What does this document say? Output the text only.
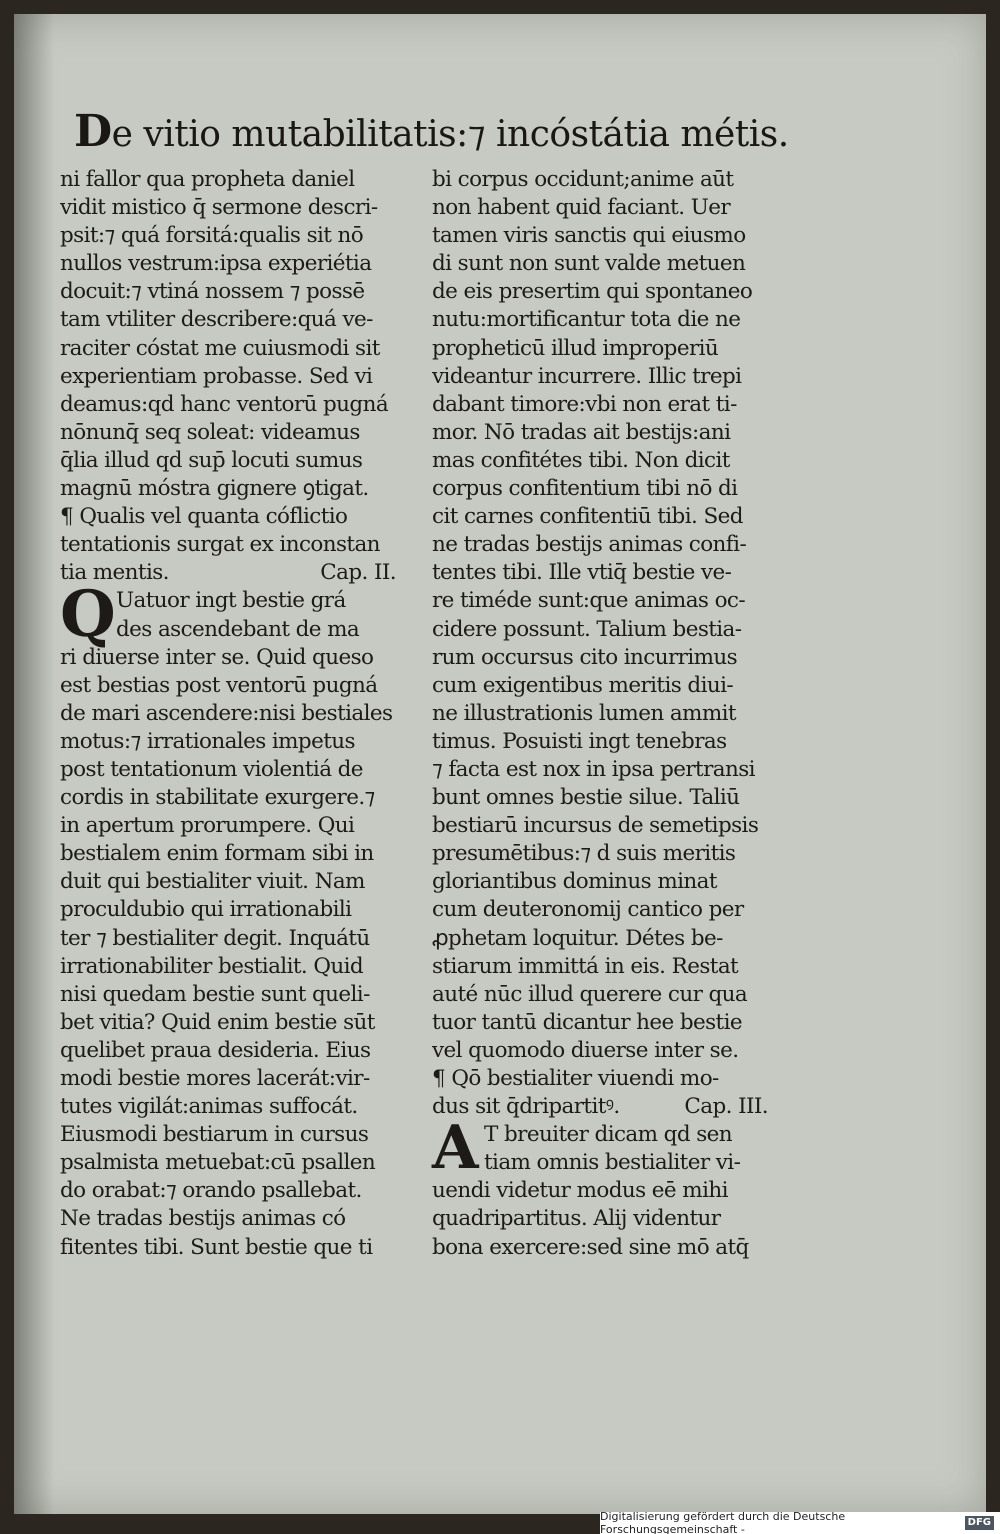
De vitio mutabilitatis:⁊ incóstátia métis.
ni fallor qua propheta daniel
vidit mistico q̄ sermone descri-
psit:⁊ quá forsitá:qualis sit nō
nullos vestrum:ipsa experiétia
docuit:⁊ vtiná nossem ⁊ possē
tam vtiliter describere:quá ve-
raciter cóstat me cuiusmodi sit
experientiam probasse. Sed vi
deamus:qd hanc ventorū pugná
nōnunq̄ seq soleat: videamus
q̄lia illud qd sup̄ locuti sumus
magnū móstra gignere ꝯtigat.
¶ Qualis vel quanta cóflictio
tentationis surgat ex inconstan
tia mentis.	Cap. II.
Q Uatuor ingt bestie grá
des ascendebant de ma
ri diuerse inter se. Quid queso
est bestias post ventorū pugná
de mari ascendere:nisi bestiales
motus:⁊ irrationales impetus
post tentationum violentiá de
cordis in stabilitate exurgere.⁊
in apertum prorumpere. Qui
bestialem enim formam sibi in
duit qui bestialiter viuit. Nam
proculdubio qui irrationabili
ter ⁊ bestialiter degit. Inquátū
irrationabiliter bestialit. Quid
nisi quedam bestie sunt queli-
bet vitia? Quid enim bestie sūt
quelibet praua desideria. Eius
modi bestie mores lacerát:vir-
tutes vigilát:animas suffocát.
Eiusmodi bestiarum in cursus
psalmista metuebat:cū psallen
do orabat:⁊ orando psallebat.
Ne tradas bestijs animas có
fitentes tibi. Sunt bestie que ti
bi corpus occidunt;anime aūt
non habent quid faciant. Uer
tamen viris sanctis qui eiusmo
di sunt non sunt valde metuen
de eis presertim qui spontaneo
nutu:mortificantur tota die ne
propheticū illud improperiū
videantur incurrere. Illic trepi
dabant timore:vbi non erat ti-
mor. Nō tradas ait bestijs:ani
mas confitétes tibi. Non dicit
corpus confitentium tibi nō di
cit carnes confitentiū tibi. Sed
ne tradas bestijs animas confi-
tentes tibi. Ille vtiq̄ bestie ve-
re timéde sunt:que animas oc-
cidere possunt. Talium bestia-
rum occursus cito incurrimus
cum exigentibus meritis diui-
ne illustrationis lumen ammit
timus. Posuisti ingt tenebras
⁊ facta est nox in ipsa pertransi
bunt omnes bestie silue. Taliū
bestiarū incursus de semetipsis
presumētibus:⁊ d suis meritis
gloriantibus dominus minat
cum deuteronomij cantico per
ꝓphetam loquitur. Détes be-
stiarum immittá in eis. Restat
auté nūc illud querere cur qua
tuor tantū dicantur hee bestie
vel quomodo diuerse inter se.
¶ Qō bestialiter viuendi mo-
dus sit q̄dripartitꝰ.	Cap. III.
A T breuiter dicam qd sen
tiam omnis bestialiter vi-
uendi videtur modus eē mihi
quadripartitus. Alij videntur
bona exercere:sed sine mō atq̄
Digitalisierung gefördert durch die Deutsche Forschungsgemeinschaft -
DFG
